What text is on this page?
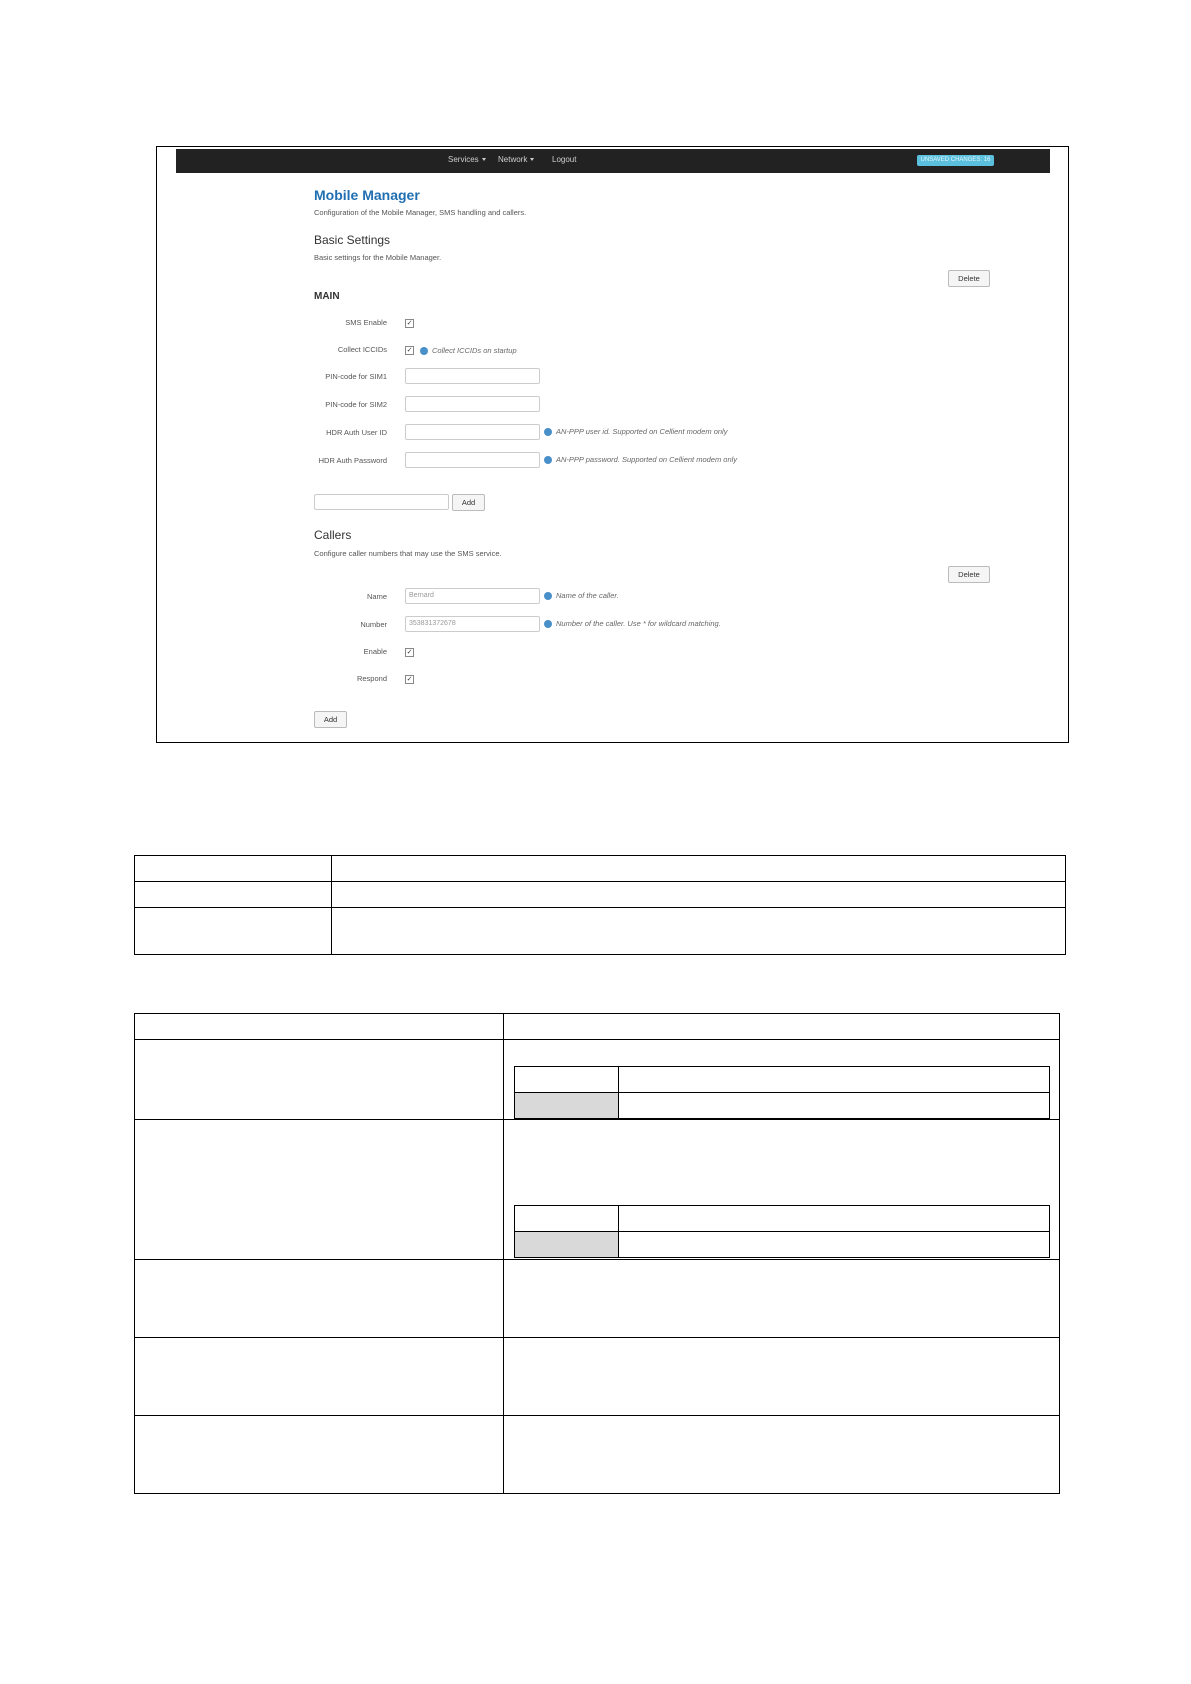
Services	Network	Logout	UNSAVED CHANGES: 16
Mobile Manager
Configuration of the Mobile Manager, SMS handling and callers.
Basic Settings
Basic settings for the Mobile Manager.
Delete
MAIN
SMS Enable	✓
Collect ICCIDs	✓	Collect ICCIDs on startup
PIN-code for SIM1
PIN-code for SIM2
HDR Auth User ID	AN-PPP user id. Supported on Cellient modem only
HDR Auth Password	AN-PPP password. Supported on Cellient modem only
Add
Callers
Configure caller numbers that may use the SMS service.
Delete
Name	Bernard	Name of the caller.
Number	353831372678	Number of the caller. Use * for wildcard matching.
Enable	✓
Respond	✓
Add
